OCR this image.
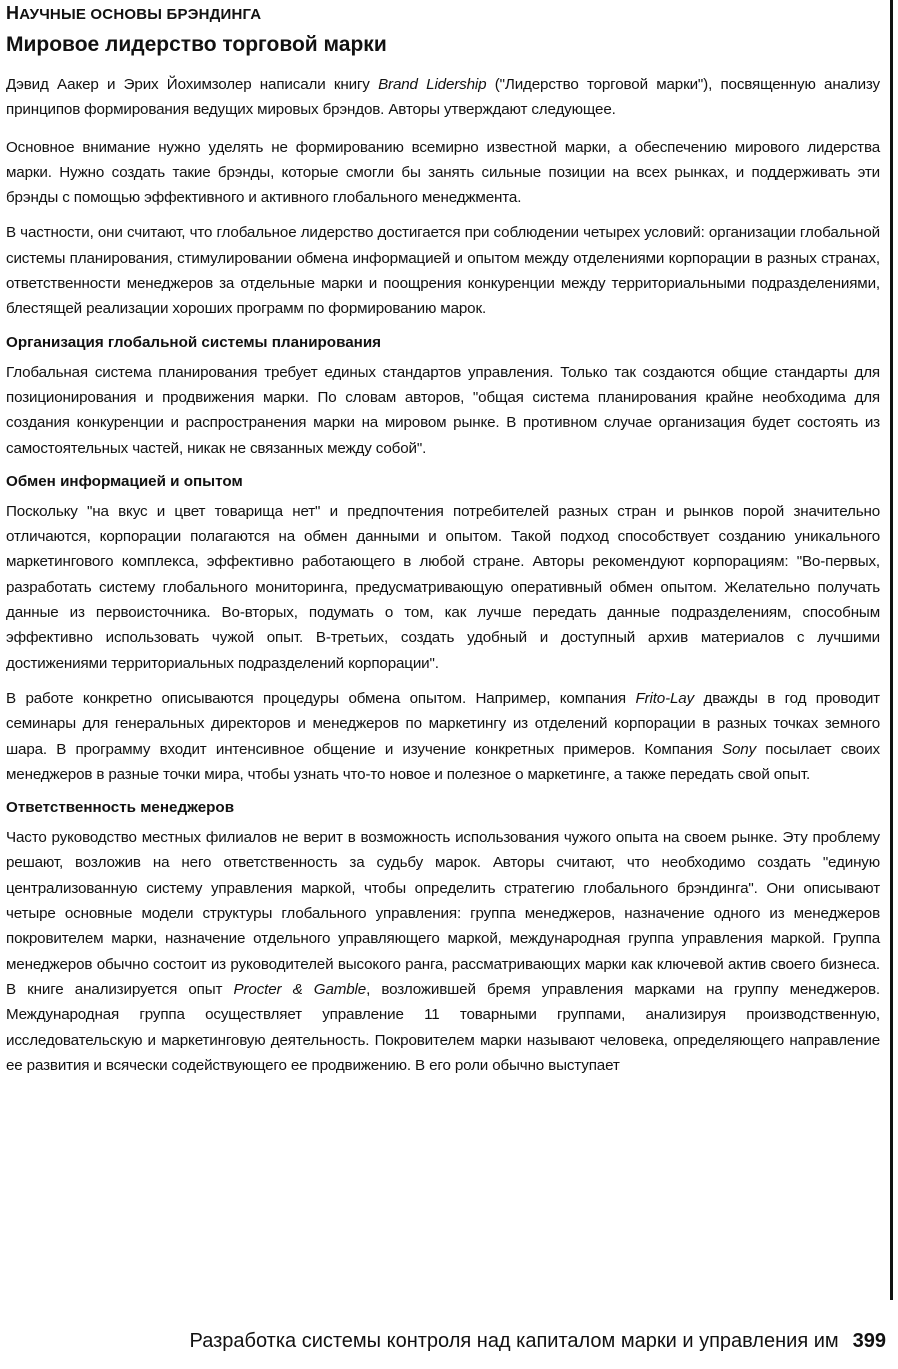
НАУЧНЫЕ ОСНОВЫ БРЭНДИНГА
Мировое лидерство торговой марки

Дэвид Аакер и Эрих Йохимзолер написали книгу Brand Lidership ("Лидерство торговой марки"), посвященную анализу принципов формирования ведущих мировых брэндов. Авторы утверждают следующее.

Основное внимание нужно уделять не формированию всемирно известной марки, а обеспечению мирового лидерства марки. Нужно создать такие брэнды, которые смогли бы занять сильные позиции на всех рынках, и поддерживать эти брэнды с помощью эффективного и активного глобального менеджмента.

В частности, они считают, что глобальное лидерство достигается при соблюдении четырех условий: организации глобальной системы планирования, стимулировании обмена информацией и опытом между отделениями корпорации в разных странах, ответственности менеджеров за отдельные марки и поощрения конкуренции между территориальными подразделениями, блестящей реализации хороших программ по формированию марок.

Организация глобальной системы планирования

Глобальная система планирования требует единых стандартов управления. Только так создаются общие стандарты для позиционирования и продвижения марки. По словам авторов, "общая система планирования крайне необходима для создания конкуренции и распространения марки на мировом рынке. В противном случае организация будет состоять из самостоятельных частей, никак не связанных между собой".

Обмен информацией и опытом

Поскольку "на вкус и цвет товарища нет" и предпочтения потребителей разных стран и рынков порой значительно отличаются, корпорации полагаются на обмен данными и опытом. Такой подход способствует созданию уникального маркетингового комплекса, эффективно работающего в любой стране. Авторы рекомендуют корпорациям: "Во-первых, разработать систему глобального мониторинга, предусматривающую оперативный обмен опытом. Желательно получать данные из первоисточника. Во-вторых, подумать о том, как лучше передать данные подразделениям, способным эффективно использовать чужой опыт. В-третьих, создать удобный и доступный архив материалов с лучшими достижениями территориальных подразделений корпорации".

В работе конкретно описываются процедуры обмена опытом. Например, компания Frito-Lay дважды в год проводит семинары для генеральных директоров и менеджеров по маркетингу из отделений корпорации в разных точках земного шара. В программу входит интенсивное общение и изучение конкретных примеров. Компания Sony посылает своих менеджеров в разные точки мира, чтобы узнать что-то новое и полезное о маркетинге, а также передать свой опыт.

Ответственность менеджеров

Часто руководство местных филиалов не верит в возможность использования чужого опыта на своем рынке. Эту проблему решают, возложив на него ответственность за судьбу марок. Авторы считают, что необходимо создать "единую централизованную систему управления маркой, чтобы определить стратегию глобального брэндинга". Они описывают четыре основные модели структуры глобального управления: группа менеджеров, назначение одного из менеджеров покровителем марки, назначение отдельного управляющего маркой, международная группа управления маркой. Группа менеджеров обычно состоит из руководителей высокого ранга, рассматривающих марки как ключевой актив своего бизнеса. В книге анализируется опыт Procter & Gamble, возложившей бремя управления марками на группу менеджеров. Международная группа осуществляет управление 11 товарными группами, анализируя производственную, исследовательскую и маркетинговую деятельность. Покровителем марки называют человека, определяющего направление ее развития и всячески содействующего ее продвижению. В его роли обычно выступает

Разработка системы контроля над капиталом марки и управления им 399
